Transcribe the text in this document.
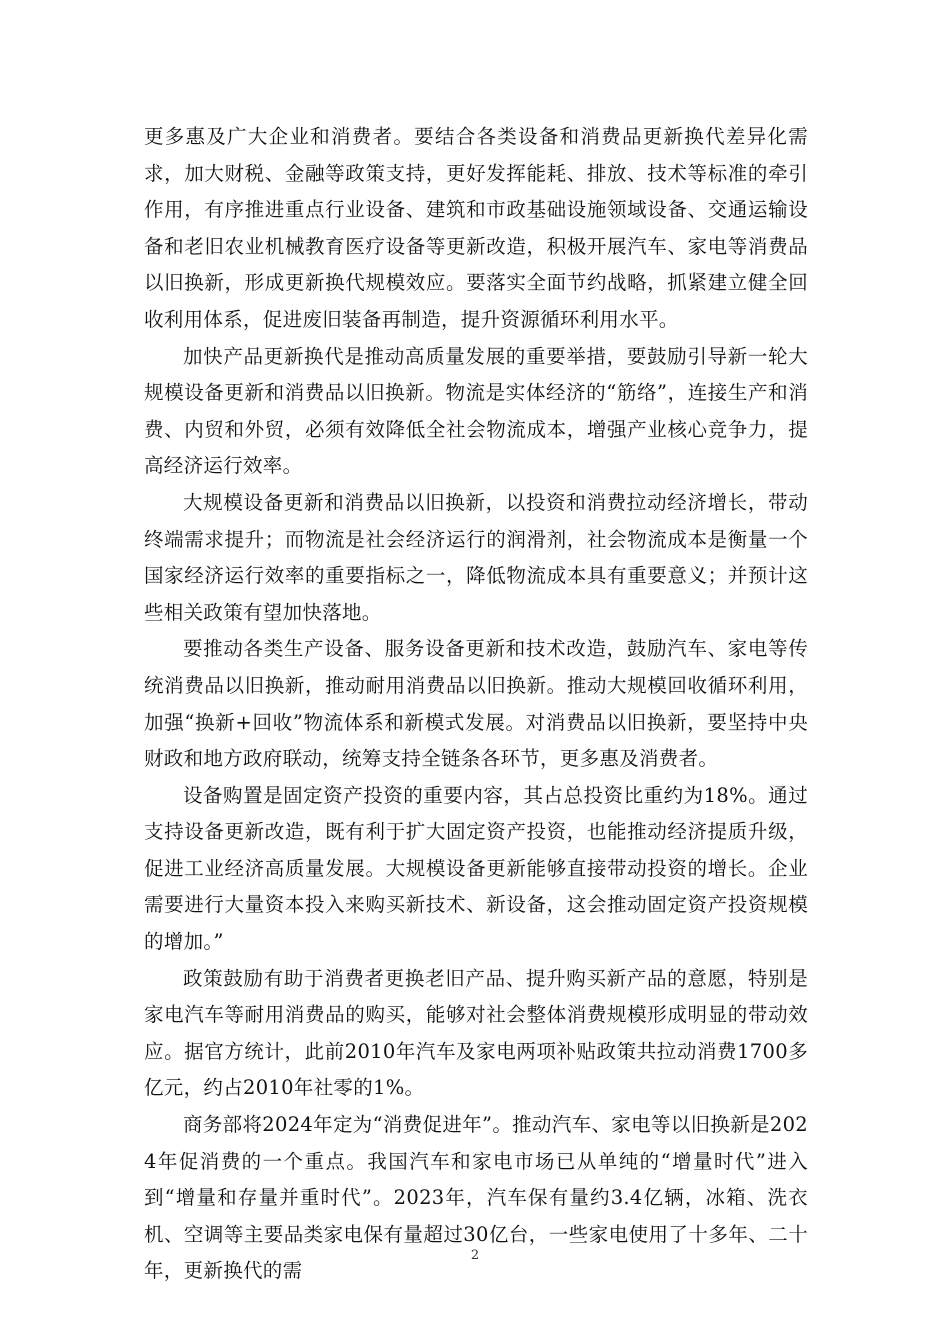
更多惠及广大企业和消费者。要结合各类设备和消费品更新换代差异化需求，加大财税、金融等政策支持，更好发挥能耗、排放、技术等标准的牵引作用，有序推进重点行业设备、建筑和市政基础设施领域设备、交通运输设备和老旧农业机械教育医疗设备等更新改造，积极开展汽车、家电等消费品以旧换新，形成更新换代规模效应。要落实全面节约战略，抓紧建立健全回收利用体系，促进废旧装备再制造，提升资源循环利用水平。

加快产品更新换代是推动高质量发展的重要举措，要鼓励引导新一轮大规模设备更新和消费品以旧换新。物流是实体经济的“筋络”，连接生产和消费、内贸和外贸，必须有效降低全社会物流成本，增强产业核心竞争力，提高经济运行效率。

大规模设备更新和消费品以旧换新，以投资和消费拉动经济增长，带动终端需求提升；而物流是社会经济运行的润滑剂，社会物流成本是衡量一个国家经济运行效率的重要指标之一，降低物流成本具有重要意义；并预计这些相关政策有望加快落地。

要推动各类生产设备、服务设备更新和技术改造，鼓励汽车、家电等传统消费品以旧换新，推动耐用消费品以旧换新。推动大规模回收循环利用，加强“换新+回收”物流体系和新模式发展。对消费品以旧换新，要坚持中央财政和地方政府联动，统筹支持全链条各环节，更多惠及消费者。

设备购置是固定资产投资的重要内容，其占总投资比重约为18%。通过支持设备更新改造，既有利于扩大固定资产投资，也能推动经济提质升级，促进工业经济高质量发展。大规模设备更新能够直接带动投资的增长。企业需要进行大量资本投入来购买新技术、新设备，这会推动固定资产投资规模的增加。”

政策鼓励有助于消费者更换老旧产品、提升购买新产品的意愿，特别是家电汽车等耐用消费品的购买，能够对社会整体消费规模形成明显的带动效应。据官方统计，此前2010年汽车及家电两项补贴政策共拉动消费1700多亿元，约占2010年社零的1%。

商务部将2024年定为“消费促进年”。推动汽车、家电等以旧换新是2024年促消费的一个重点。我国汽车和家电市场已从单纯的“增量时代”进入到“增量和存量并重时代”。2023年，汽车保有量约3.4亿辆，冰箱、洗衣机、空调等主要品类家电保有量超过30亿台，一些家电使用了十多年、二十年，更新换代的需

2
